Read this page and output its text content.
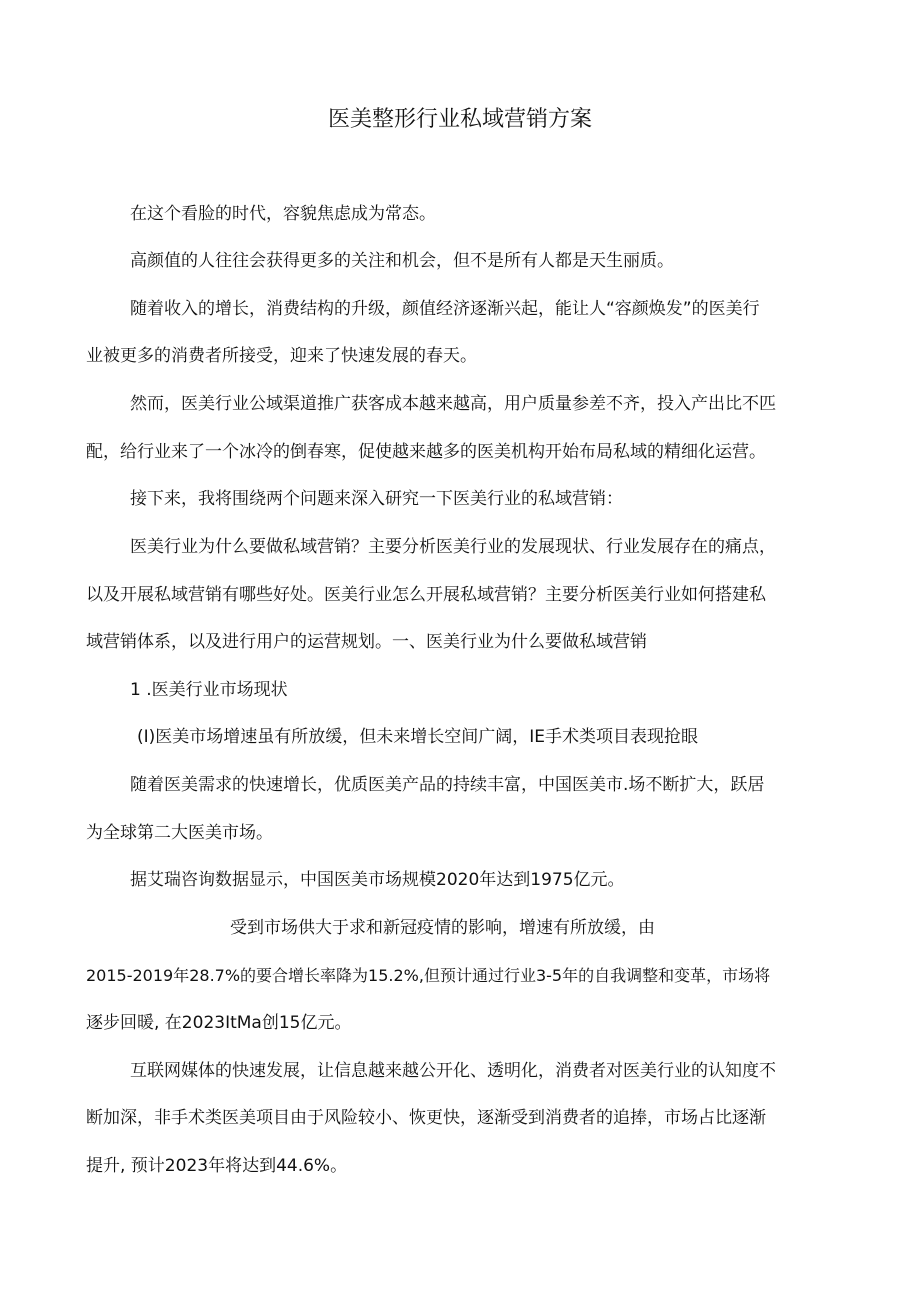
医美整形行业私域营销方案
在这个看脸的时代，容貌焦虑成为常态。
高颜值的人往往会获得更多的关注和机会，但不是所有人都是天生丽质。
随着收入的增长，消费结构的升级，颜值经济逐渐兴起，能让人“容颜焕发”的医美行
业被更多的消费者所接受，迎来了快速发展的春天。
然而，医美行业公域渠道推广获客成本越来越高，用户质量参差不齐，投入产出比不匹
配，给行业来了一个冰冷的倒春寒，促使越来越多的医美机构开始布局私域的精细化运营。
接下来，我将围绕两个问题来深入研究一下医美行业的私域营销：
医美行业为什么要做私域营销？主要分析医美行业的发展现状、行业发展存在的痛点，
以及开展私域营销有哪些好处。医美行业怎么开展私域营销？主要分析医美行业如何搭建私
域营销体系，以及进行用户的运营规划。一、医美行业为什么要做私域营销
1 .医美行业市场现状
(I)医美市场增速虽有所放缓，但未来增长空间广阔，IE手术类项目表现抢眼
随着医美需求的快速增长，优质医美产品的持续丰富，中国医美市.场不断扩大，跃居
为全球第二大医美市场。
据艾瑞咨询数据显示，中国医美市场规模2020年达到1975亿元。
受到市场供大于求和新冠疫情的影响，增速有所放缓，由
2015-2019年28.7%的要合增长率降为15.2%,但预计通过行业3-5年的自我调整和变革，市场将
逐步回暖, 在2023ItMa创15亿元。
互联网媒体的快速发展，让信息越来越公开化、透明化，消费者对医美行业的认知度不
断加深，非手术类医美项目由于风险较小、恢更快，逐渐受到消费者的追捧，市场占比逐渐
提升, 预计2023年将达到44.6%。
